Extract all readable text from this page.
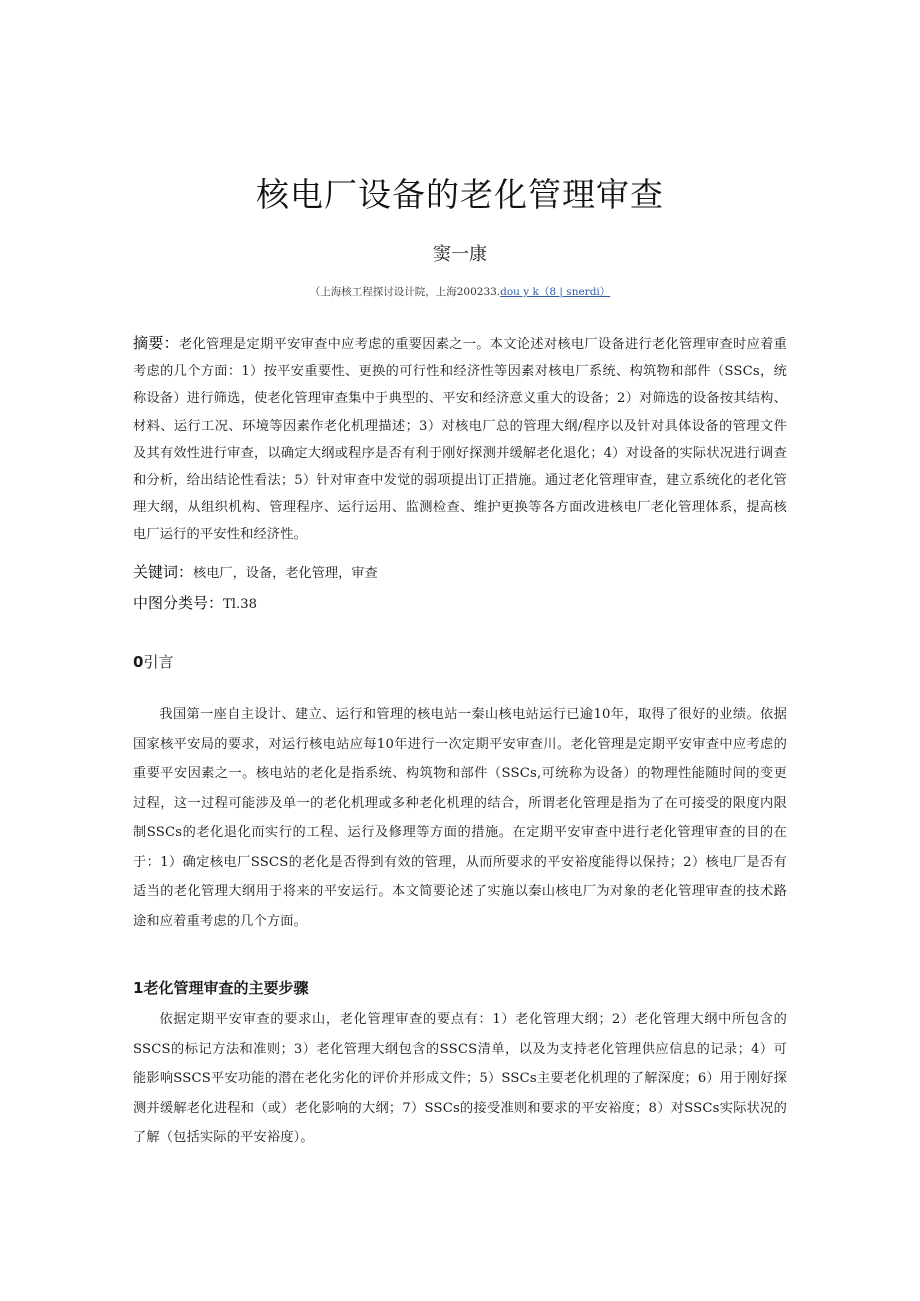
核电厂设备的老化管理审查
窦一康
（上海核工程探讨设计院，上海200233.dou y k（8 | snerdi）
摘要：老化管理是定期平安审查中应考虑的重要因素之一。本文论述对核电厂设备进行老化管理审查时应着重考虑的几个方面：1）按平安重要性、更换的可行性和经济性等因素对核电厂系统、构筑物和部件（SSCs，统称设备）进行筛选，使老化管理审查集中于典型的、平安和经济意义重大的设备；2）对筛选的设备按其结构、材料、运行工况、环境等因素作老化机理描述；3）对核电厂总的管理大纲/程序以及针对具体设备的管理文件及其有效性进行审查，以确定大纲或程序是否有利于刚好探测并缓解老化退化；4）对设备的实际状况进行调查和分析，给出结论性看法；5）针对审查中发觉的弱项提出订正措施。通过老化管理审查，建立系统化的老化管理大纲，从组织机构、管理程序、运行运用、监测检查、维护更换等各方面改进核电厂老化管理体系，提高核电厂运行的平安性和经济性。
关键词：核电厂，设备，老化管理，审查
中图分类号：Tl.38
0引言

我国第一座自主设计、建立、运行和管理的核电站一秦山核电站运行已逾10年，取得了很好的业绩。依据国家核平安局的要求，对运行核电站应每10年进行一次定期平安审查川。老化管理是定期平安审查中应考虑的重要平安因素之一。核电站的老化是指系统、构筑物和部件（SSCs,可统称为设备）的物理性能随时间的变更过程，这一过程可能涉及单一的老化机理或多种老化机理的结合，所谓老化管理是指为了在可接受的限度内限制SSCs的老化退化而实行的工程、运行及修理等方面的措施。在定期平安审查中进行老化管理审查的目的在于：1）确定核电厂SSCS的老化是否得到有效的管理，从而所要求的平安裕度能得以保持；2）核电厂是否有适当的老化管理大纲用于将来的平安运行。本文简要论述了实施以秦山核电厂为对象的老化管理审查的技术路途和应着重考虑的几个方面。

1老化管理审查的主要步骤

依据定期平安审查的要求山，老化管理审查的要点有：1）老化管理大纲；2）老化管理大纲中所包含的SSCS的标记方法和准则；3）老化管理大纲包含的SSCS清单，以及为支持老化管理供应信息的记录；4）可能影响SSCS平安功能的潜在老化劣化的评价并形成文件；5）SSCs主要老化机理的了解深度；6）用于刚好探测并缓解老化进程和（或）老化影响的大纲；7）SSCs的接受准则和要求的平安裕度；8）对SSCs实际状况的了解（包括实际的平安裕度）。
